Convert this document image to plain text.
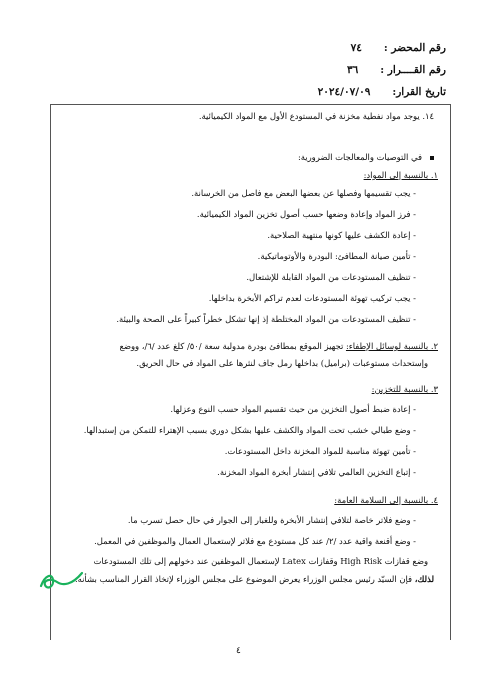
رقم المحضر :٧٤
رقم القــــرار :٣٦
تاريخ القرار:٢٠٢٤/٠٧/٠٩
١٤. يوجد مواد نفطية مخزنة في المستودع الأول مع المواد الكيميائية.
في التوصيات والمعالجات الضرورية:
١. بالنسبة إلى المواد:
- يجب تقسيمها وفصلها عن بعضها البعض مع فاصل من الخرسانة.
- فرز المواد وإعادة وضعها حسب أصول تخزين المواد الكيميائية.
- إعادة الكشف عليها كونها منتهية الصلاحية.
- تأمين صيانة المطافئ: البودرة والأوتوماتيكية.
- تنظيف المستودعات من المواد القابلة للإشتعال.
- يجب تركيب تهوئة المستودعات لعدم تراكم الأبخرة بداخلها.
- تنظيف المستودعات من المواد المختلطة إذ إنها تشكل خطراً كبيراً على الصحة والبيئة.
٢. بالنسبة لوسائل الإطفاء: تجهيز الموقع بمطافئ بودرة مدولبة سعة /٥٠/ كلغ عدد /٦/، ووضع
وإستحداث مستوعبات (براميل) بداخلها رمل جاف لنثرها على المواد في حال الحريق.
٣. بالنسبة للتخزين:
- إعادة ضبط أصول التخزين من حيث تقسيم المواد حسب النوع وعزلها.
- وضع طبالي خشب تحت المواد والكشف عليها بشكل دوري بسبب الإهتراء للتمكن من إستبدالها.
- تأمين تهوئة مناسبة للمواد المخزنة داخل المستودعات.
- إتباع التخزين العالمي تلافي إنتشار أبخرة المواد المخزنة.
٤. بالنسبة إلى السلامة العامة:
- وضع فلاتر خاصة لتلافي إنتشار الأبخرة وللغبار إلى الجوار في حال حصل تسرب ما.
- وضع أقنعة واقية عدد /٢/ عند كل مستودع مع فلاتر لإستعمال العمال والموظفين في المعمل.
وضع قفازات High Risk وقفازات Latex لإستعمال الموظفين عند دخولهم إلى تلك المستودعات
لذلك، فإن السيّد رئيس مجلس الوزراء يعرض الموضوع على مجلس الوزراء لإتخاذ القرار المناسب بشأنه.
٤
